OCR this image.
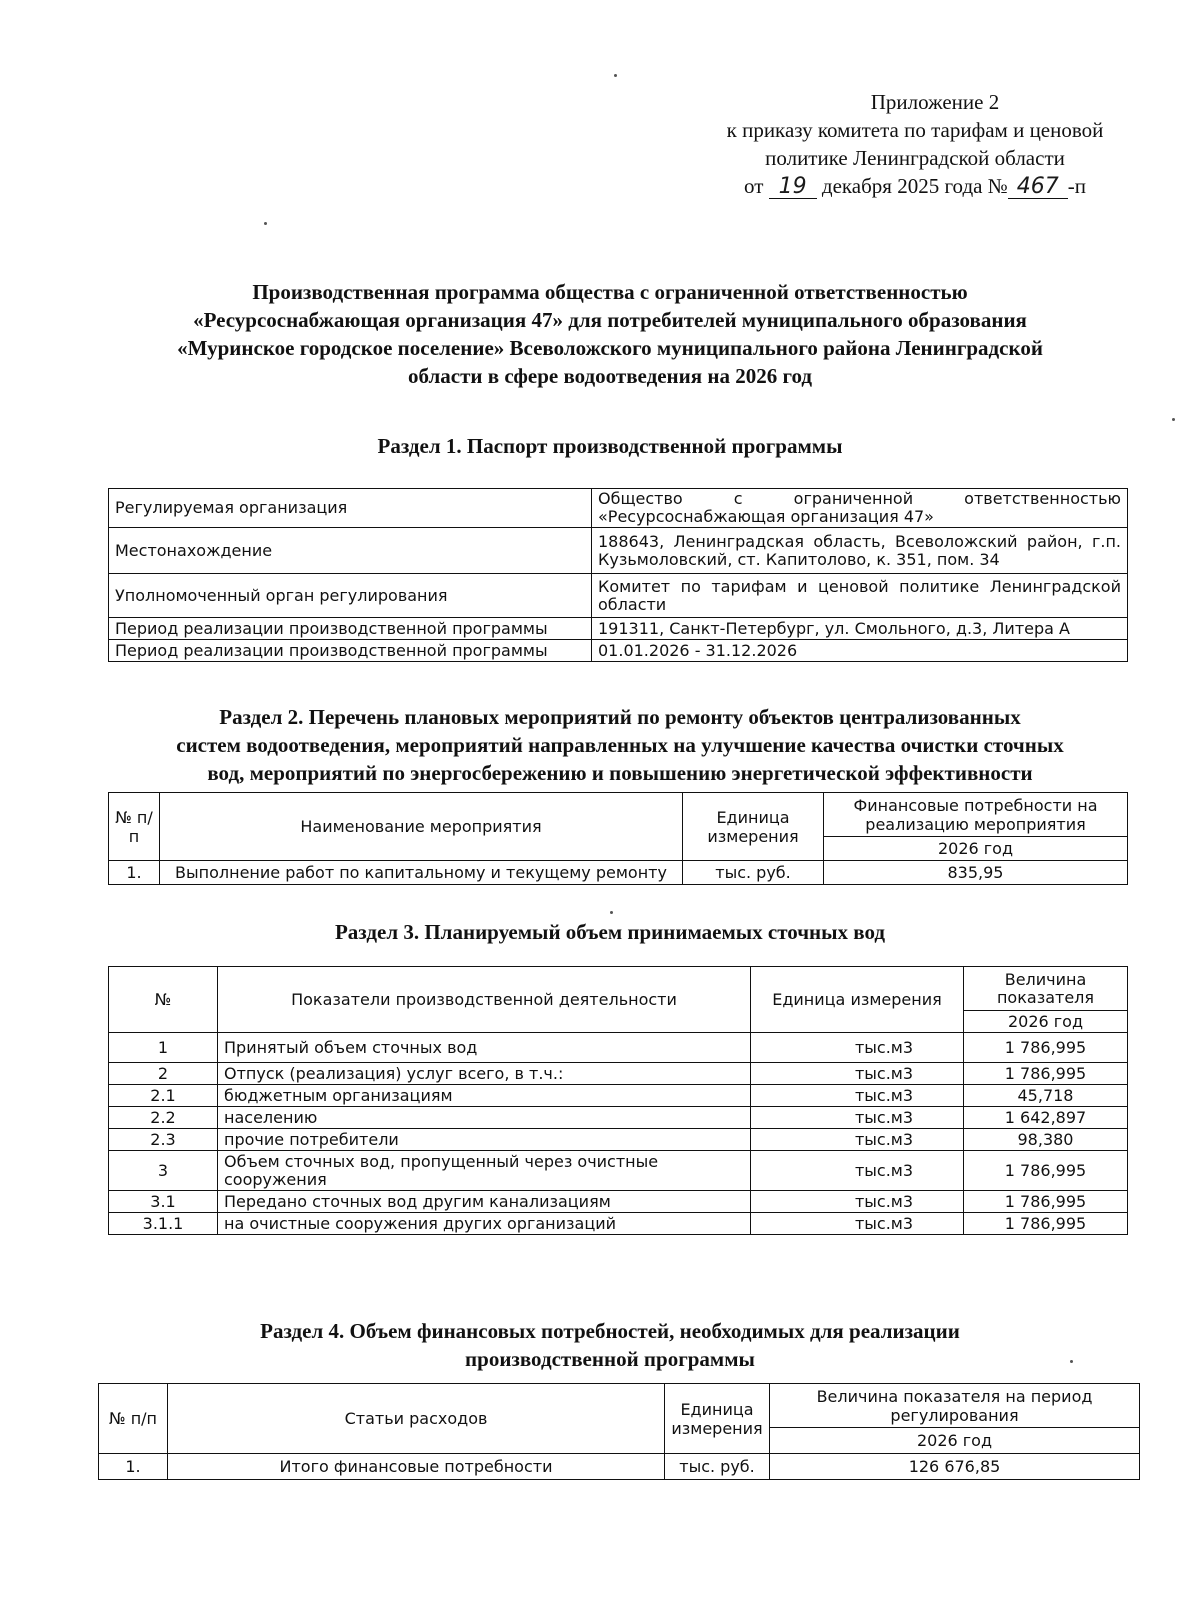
Приложение 2
к приказу комитета по тарифам и ценовой
политике Ленинградской области
от 19 декабря 2025 года № 467 -п
Производственная программа общества с ограниченной ответственностью
«Ресурсоснабжающая организация 47» для потребителей муниципального образования
«Муринское городское поселение» Всеволожского муниципального района Ленинградской
области в сфере водоотведения на 2026 год
Раздел 1. Паспорт производственной программы
Регулируемая организация	Общество с ограниченной ответственностью «Ресурсоснабжающая организация 47»
Местонахождение	188643, Ленинградская область, Всеволожский район, г.п. Кузьмоловский, ст. Капитолово, к. 351, пом. 34
Уполномоченный орган регулирования	Комитет по тарифам и ценовой политике Ленинградской области
Период реализации производственной программы	191311, Санкт-Петербург, ул. Смольного, д.3, Литера А
Период реализации производственной программы	01.01.2026 - 31.12.2026
Раздел 2. Перечень плановых мероприятий по ремонту объектов централизованных
систем водоотведения, мероприятий направленных на улучшение качества очистки сточных
вод, мероприятий по энергосбережению и повышению энергетической эффективности
№ п/п	Наименование мероприятия	Единица измерения	Финансовые потребности на реализацию мероприятия
			2026 год
1.	Выполнение работ по капитальному и текущему ремонту	тыс. руб.	835,95
Раздел 3. Планируемый объем принимаемых сточных вод
№	Показатели производственной деятельности	Единица измерения	Величина показателя
			2026 год
1	Принятый объем сточных вод	тыс.м3	1 786,995
2	Отпуск (реализация) услуг всего, в т.ч.:	тыс.м3	1 786,995
2.1	бюджетным организациям	тыс.м3	45,718
2.2	населению	тыс.м3	1 642,897
2.3	прочие потребители	тыс.м3	98,380
3	Объем сточных вод, пропущенный через очистные сооружения	тыс.м3	1 786,995
3.1	Передано сточных вод другим канализациям	тыс.м3	1 786,995
3.1.1	на очистные сооружения других организаций	тыс.м3	1 786,995
Раздел 4. Объем финансовых потребностей, необходимых для реализации
производственной программы
№ п/п	Статьи расходов	Единица измерения	Величина показателя на период регулирования
			2026 год
1.	Итого финансовые потребности	тыс. руб.	126 676,85
